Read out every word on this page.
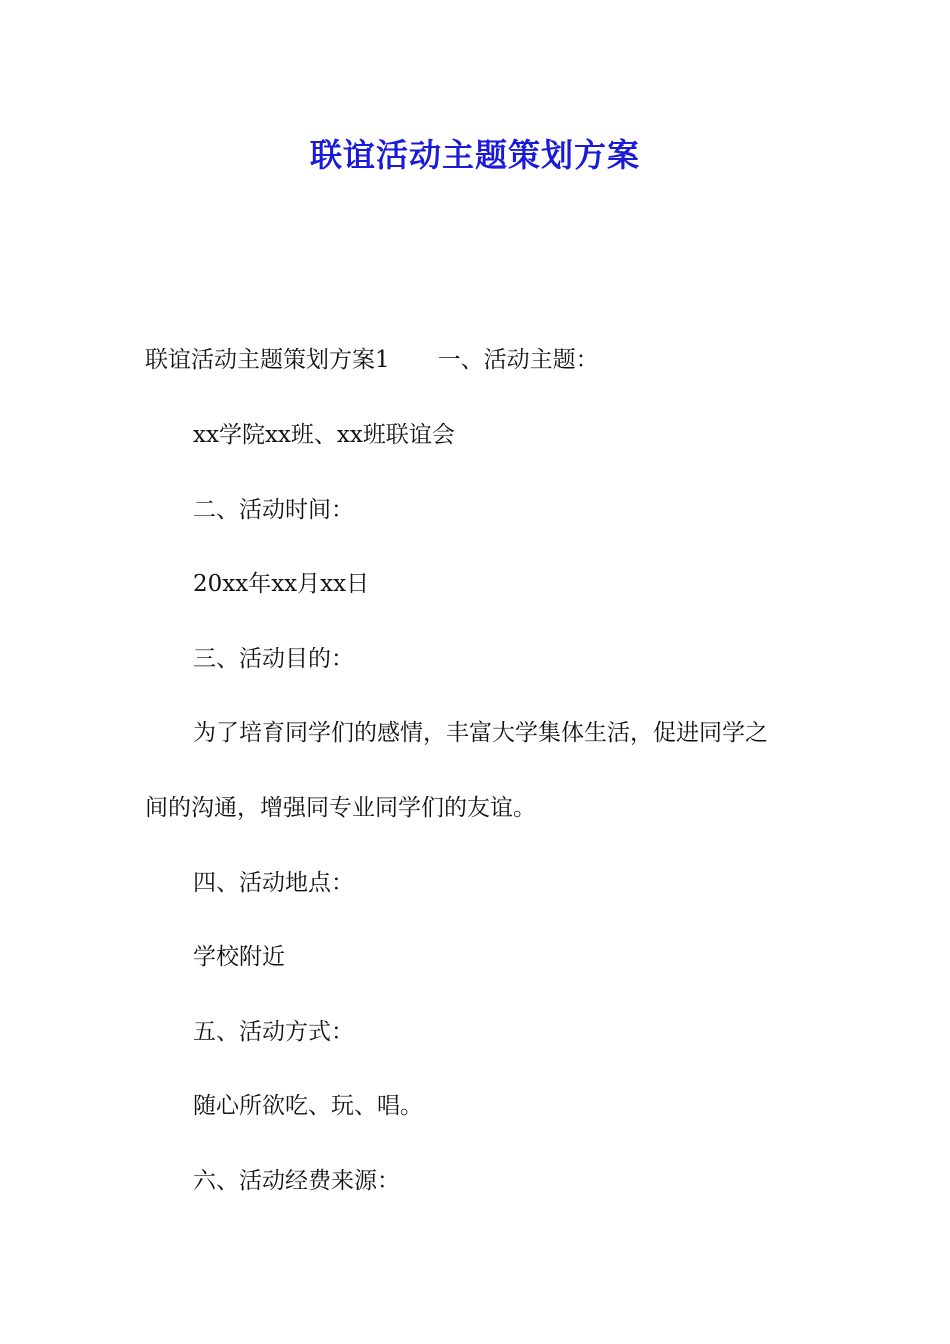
联谊活动主题策划方案
联谊活动主题策划方案1 一、活动主题：
xx学院xx班、xx班联谊会
二、活动时间：
20xx年xx月xx日
三、活动目的：
为了培育同学们的感情，丰富大学集体生活，促进同学之
间的沟通，增强同专业同学们的友谊。
四、活动地点：
学校附近
五、活动方式：
随心所欲吃、玩、唱。
六、活动经费来源：
